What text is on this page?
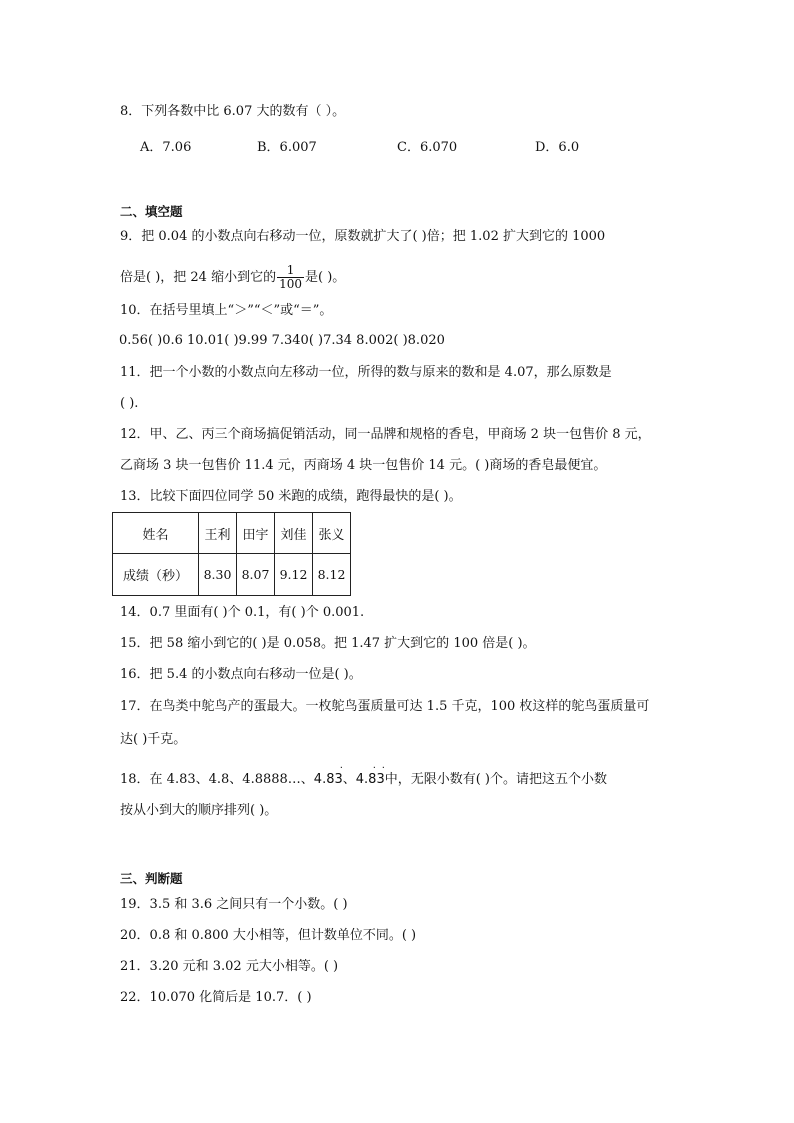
8．下列各数中比 6.07 大的数有（ ）。
A．7.06	B．6.007	C．6.070	D．6.0
二、填空题
9．把 0.04 的小数点向右移动一位，原数就扩大了( )倍；把 1.02 扩大到它的 1000
倍是( )，把 24 缩小到它的 $\frac{1}{100}$ 是( )。
10．在括号里填上“＞”“＜”或“＝”。
0.56( )0.6 10.01( )9.99 7.340( )7.34 8.002( )8.020
11．把一个小数的小数点向左移动一位，所得的数与原来的数和是 4.07，那么原数是
( ).
12．甲、乙、丙三个商场搞促销活动，同一品牌和规格的香皂，甲商场 2 块一包售价 8 元，
乙商场 3 块一包售价 11.4 元，丙商场 4 块一包售价 14 元。( )商场的香皂最便宜。
13．比较下面四位同学 50 米跑的成绩，跑得最快的是( )。
姓名	王利	田宇	刘佳	张义
成绩（秒）	8.30	8.07	9.12	8.12
14．0.7 里面有( )个 0.1，有( )个 0.001.
15．把 58 缩小到它的( )是 0.058。把 1.47 扩大到它的 100 倍是( )。
16．把 5.4 的小数点向右移动一位是( )。
17．在鸟类中鸵鸟产的蛋最大。一枚鸵鸟蛋质量可达 1.5 千克，100 枚这样的鸵鸟蛋质量可
达( )千克。
18．在 4.83、4.8、4.8888…、4.83
·
、4.83
· ·
中，无限小数有( )个。请把这五个小数
按从小到大的顺序排列( )。
三、判断题
19．3.5 和 3.6 之间只有一个小数。( )
20．0.8 和 0.800 大小相等，但计数单位不同。( )
21．3.20 元和 3.02 元大小相等。( )
22．10.070 化简后是 10.7．( )
